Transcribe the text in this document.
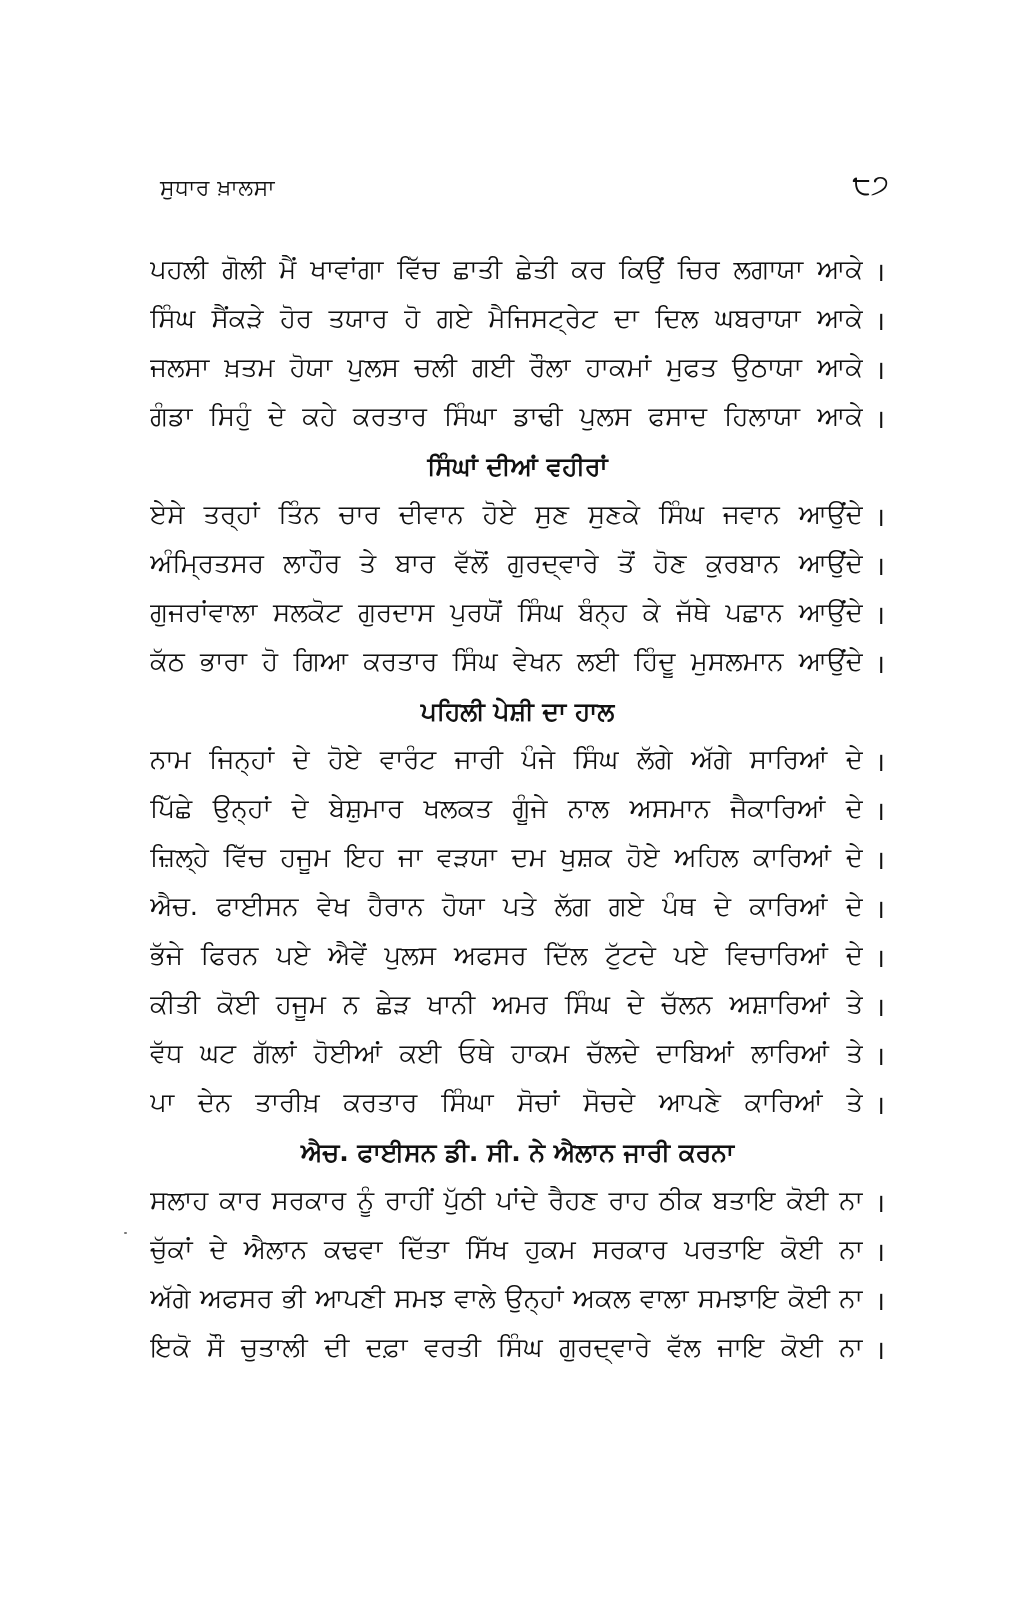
ਸੁਧਾਰ ਖ਼ਾਲਸਾ	੮੭
ਪਹਲੀ ਗੋਲੀ ਮੈਂ ਖਾਵਾਂਗਾ ਵਿੱਚ ਛਾਤੀ ਛੇਤੀ ਕਰ ਕਿਉਂ ਚਿਰ ਲਗਾਯਾ ਆਕੇ ।
ਸਿੰਘ ਸੈਂਕੜੇ ਹੋਰ ਤਯਾਰ ਹੋ ਗਏ ਮੈਜਿਸਟ੍ਰੇਟ ਦਾ ਦਿਲ ਘਬਰਾਯਾ ਆਕੇ ।
ਜਲਸਾ ਖ਼ਤਮ ਹੋਯਾ ਪੁਲਸ ਚਲੀ ਗਈ ਰੌਲਾ ਹਾਕਮਾਂ ਮੁਫਤ ਉਠਾਯਾ ਆਕੇ ।
ਗੰਡਾ ਸਿਹੁੰ ਦੇ ਕਹੇ ਕਰਤਾਰ ਸਿੰਘਾ ਡਾਢੀ ਪੁਲਸ ਫਸਾਦ ਹਿਲਾਯਾ ਆਕੇ ।
ਸਿੰਘਾਂ ਦੀਆਂ ਵਹੀਰਾਂ
ਏਸੇ ਤਰ੍ਹਾਂ ਤਿੰਨ ਚਾਰ ਦੀਵਾਨ ਹੋਏ ਸੁਣ ਸੁਣਕੇ ਸਿੰਘ ਜਵਾਨ ਆਉਂਦੇ ।
ਅੰਮ੍ਰਿਤਸਰ ਲਾਹੌਰ ਤੇ ਬਾਰ ਵੱਲੋਂ ਗੁਰਦ੍ਵਾਰੇ ਤੋਂ ਹੋਣ ਕੁਰਬਾਨ ਆਉਂਦੇ ।
ਗੁਜਰਾਂਵਾਲਾ ਸਲਕੋਟ ਗੁਰਦਾਸ ਪੁਰਯੋਂ ਸਿੰਘ ਬੰਨ੍ਹ ਕੇ ਜੱਥੇ ਪਛਾਨ ਆਉਂਦੇ ।
ਕੱਠ ਭਾਰਾ ਹੋ ਗਿਆ ਕਰਤਾਰ ਸਿੰਘ ਵੇਖਨ ਲਈ ਹਿੰਦੂ ਮੁਸਲਮਾਨ ਆਉਂਦੇ ।
ਪਹਿਲੀ ਪੇਸ਼ੀ ਦਾ ਹਾਲ
ਨਾਮ ਜਿਨ੍ਹਾਂ ਦੇ ਹੋਏ ਵਾਰੰਟ ਜਾਰੀ ਪੰਜੇ ਸਿੰਘ ਲੱਗੇ ਅੱਗੇ ਸਾਰਿਆਂ ਦੇ ।
ਪਿੱਛੇ ਉਨ੍ਹਾਂ ਦੇ ਬੇਸ਼ੁਮਾਰ ਖਲਕਤ ਗੂੰਜੇ ਨਾਲ ਅਸਮਾਨ ਜੈਕਾਰਿਆਂ ਦੇ ।
ਜ਼ਿਲ੍ਹੇ ਵਿੱਚ ਹਜੂਮ ਇਹ ਜਾ ਵੜਯਾ ਦਮ ਖੁਸ਼ਕ ਹੋਏ ਅਹਿਲ ਕਾਰਿਆਂ ਦੇ ।
ਐਚ. ਫਾਈਸਨ ਵੇਖ ਹੈਰਾਨ ਹੋਯਾ ਪਤੇ ਲੱਗ ਗਏ ਪੰਥ ਦੇ ਕਾਰਿਆਂ ਦੇ ।
ਭੱਜੇ ਫਿਰਨ ਪਏ ਐਵੇਂ ਪੁਲਸ ਅਫਸਰ ਦਿੱਲ ਟੁੱਟਦੇ ਪਏ ਵਿਚਾਰਿਆਂ ਦੇ ।
ਕੀਤੀ ਕੋਈ ਹਜੂਮ ਨ ਛੇੜ ਖਾਨੀ ਅਮਰ ਸਿੰਘ ਦੇ ਚੱਲਨ ਅਸ਼ਾਰਿਆਂ ਤੇ ।
ਵੱਧ ਘਟ ਗੱਲਾਂ ਹੋਈਆਂ ਕਈ ਓਥੇ ਹਾਕਮ ਚੱਲਦੇ ਦਾਬਿਆਂ ਲਾਰਿਆਂ ਤੇ ।
ਪਾ ਦੇਨ ਤਾਰੀਖ਼ ਕਰਤਾਰ ਸਿੰਘਾ ਸੋਚਾਂ ਸੋਚਦੇ ਆਪਣੇ ਕਾਰਿਆਂ ਤੇ ।
ਐਚ. ਫਾਈਸਨ ਡੀ. ਸੀ. ਨੇ ਐਲਾਨ ਜਾਰੀ ਕਰਨਾ
ਸਲਾਹ ਕਾਰ ਸਰਕਾਰ ਨੂੰ ਰਾਹੀਂ ਪੁੱਠੀ ਪਾਂਦੇ ਰੈਹਣ ਰਾਹ ਠੀਕ ਬਤਾਇ ਕੋਈ ਨਾ ।
ਚੁੱਕਾਂ ਦੇ ਐਲਾਨ ਕਢਵਾ ਦਿੱਤਾ ਸਿੱਖ ਹੁਕਮ ਸਰਕਾਰ ਪਰਤਾਇ ਕੋਈ ਨਾ ।
ਅੱਗੇ ਅਫਸਰ ਭੀ ਆਪਣੀ ਸਮਝ ਵਾਲੇ ਉਨ੍ਹਾਂ ਅਕਲ ਵਾਲਾ ਸਮਝਾਇ ਕੋਈ ਨਾ ।
ਇਕੋ ਸੌ ਚੁਤਾਲੀ ਦੀ ਦਫ਼ਾ ਵਰਤੀ ਸਿੰਘ ਗੁਰਦ੍ਵਾਰੇ ਵੱਲ ਜਾਇ ਕੋਈ ਨਾ ।
